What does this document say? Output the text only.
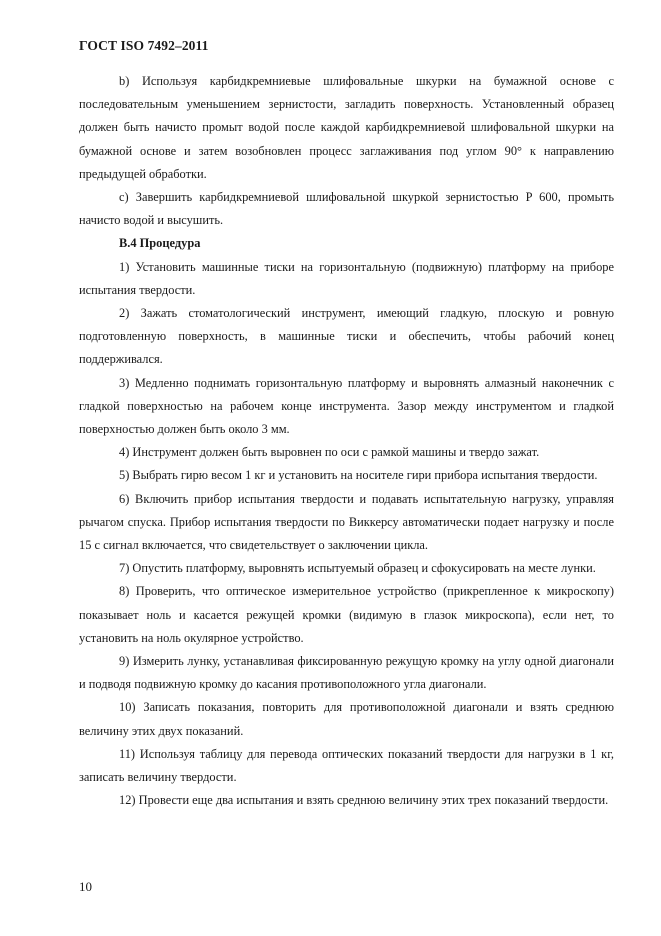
ГОСТ ISO 7492–2011

b) Используя карбидкремниевые шлифовальные шкурки на бумажной основе с последовательным уменьшением зернистости, загладить поверхность. Установленный образец должен быть начисто промыт водой после каждой карбидкремниевой шлифовальной шкурки на бумажной основе и затем возобновлен процесс заглаживания под углом 90° к направлению предыдущей обработки.

c) Завершить карбидкремниевой шлифовальной шкуркой зернистостью P 600, промыть начисто водой и высушить.

В.4 Процедура

1) Установить машинные тиски на горизонтальную (подвижную) платформу на приборе испытания твердости.

2) Зажать стоматологический инструмент, имеющий гладкую, плоскую и ровную подготовленную поверхность, в машинные тиски и обеспечить, чтобы рабочий конец поддерживался.

3) Медленно поднимать горизонтальную платформу и выровнять алмазный наконечник с гладкой поверхностью на рабочем конце инструмента. Зазор между инструментом и гладкой поверхностью должен быть около 3 мм.

4) Инструмент должен быть выровнен по оси с рамкой машины и твердо зажат.

5) Выбрать гирю весом 1 кг и установить на носителе гири прибора испытания твердости.

6) Включить прибор испытания твердости и подавать испытательную нагрузку, управляя рычагом спуска. Прибор испытания твердости по Виккерсу автоматически подает нагрузку и после 15 с сигнал включается, что свидетельствует о заключении цикла.

7) Опустить платформу, выровнять испытуемый образец и сфокусировать на месте лунки.

8) Проверить, что оптическое измерительное устройство (прикрепленное к микроскопу) показывает ноль и касается режущей кромки (видимую в глазок микроскопа), если нет, то установить на ноль окулярное устройство.

9) Измерить лунку, устанавливая фиксированную режущую кромку на углу одной диагонали и подводя подвижную кромку до касания противоположного угла диагонали.

10) Записать показания, повторить для противоположной диагонали и взять среднюю величину этих двух показаний.

11) Используя таблицу для перевода оптических показаний твердости для нагрузки в 1 кг, записать величину твердости.

12) Провести еще два испытания и взять среднюю величину этих трех показаний твердости.

10
